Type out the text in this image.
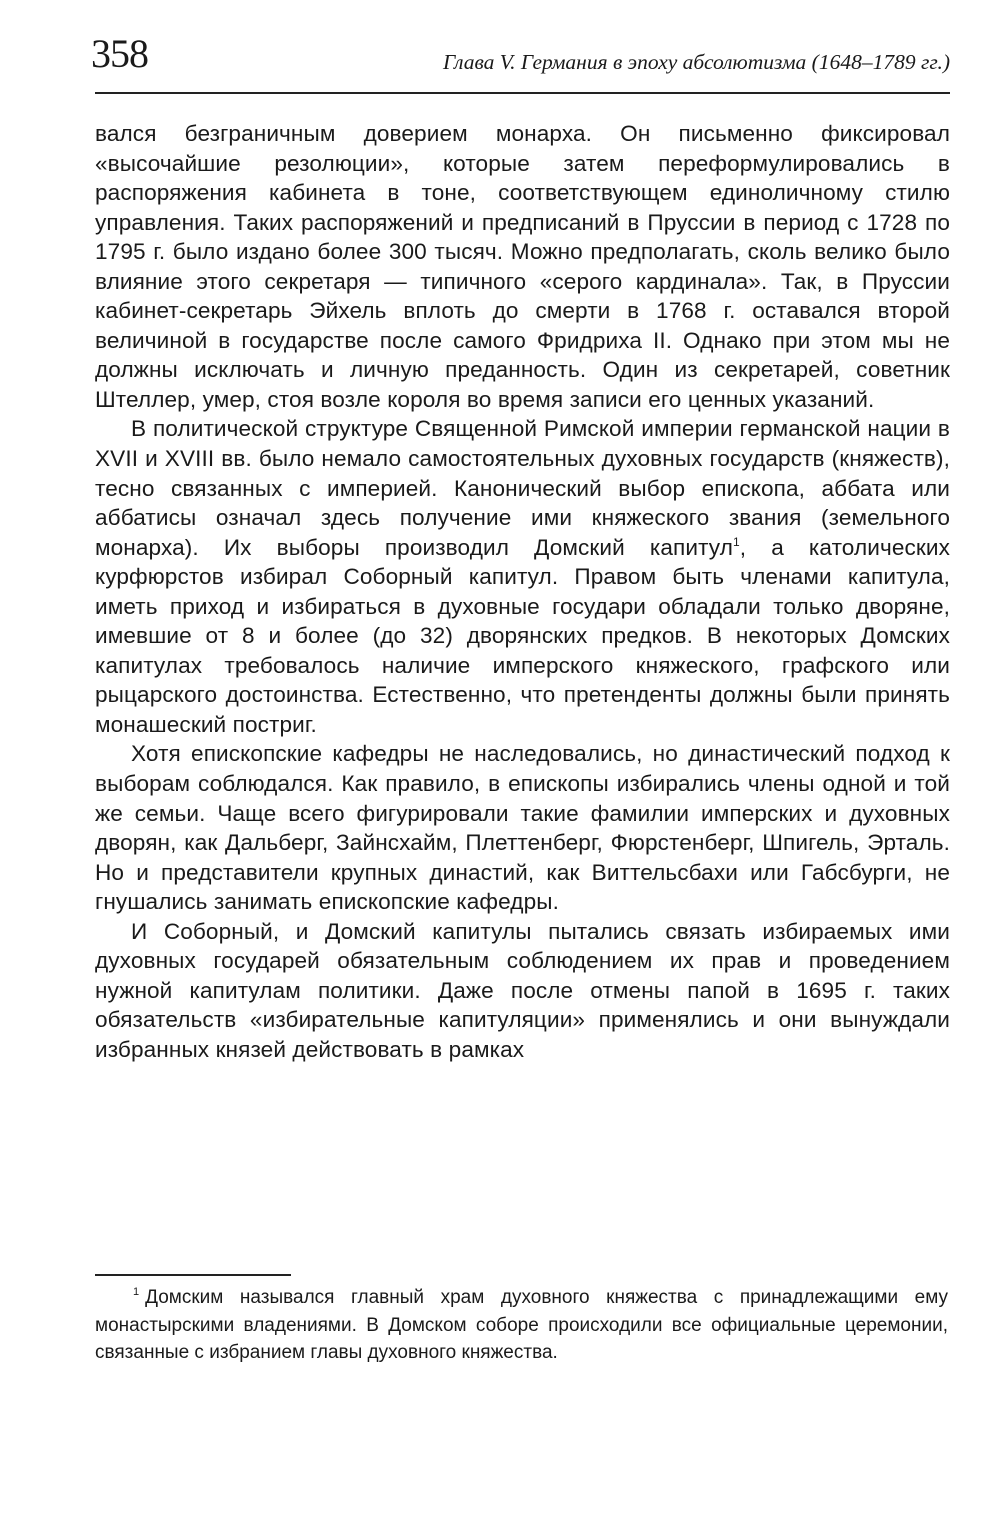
358	Глава V. Германия в эпоху абсолютизма (1648–1789 гг.)

вался безграничным доверием монарха. Он письменно фиксировал «высочайшие резолюции», которые затем переформулировались в распоряжения кабинета в тоне, соответствующем единоличному стилю управления. Таких распоряжений и предписаний в Пруссии в период с 1728 по 1795 г. было издано более 300 тысяч. Можно предполагать, сколь велико было влияние этого секретаря — типичного «серого кардинала». Так, в Пруссии кабинет-секретарь Эйхель вплоть до смерти в 1768 г. оставался второй величиной в государстве после самого Фридриха II. Однако при этом мы не должны исключать и личную преданность. Один из секретарей, советник Штеллер, умер, стоя возле короля во время записи его ценных указаний.

В политической структуре Священной Римской империи германской нации в XVII и XVIII вв. было немало самостоятельных духовных государств (княжеств), тесно связанных с империей. Канонический выбор епископа, аббата или аббатисы означал здесь получение ими княжеского звания (земельного монарха). Их выборы производил Домский капитул$^1$, а католических курфюрстов избирал Соборный капитул. Правом быть членами капитула, иметь приход и избираться в духовные государи обладали только дворяне, имевшие от 8 и более (до 32) дворянских предков. В некоторых Домских капитулах требовалось наличие имперского княжеского, графского или рыцарского достоинства. Естественно, что претенденты должны были принять монашеский постриг.

Хотя епископские кафедры не наследовались, но династический подход к выборам соблюдался. Как правило, в епископы избирались члены одной и той же семьи. Чаще всего фигурировали такие фамилии имперских и духовных дворян, как Дальберг, Зайнсхайм, Плеттенберг, Фюрстенберг, Шпигель, Эрталь. Но и представители крупных династий, как Виттельсбахи или Габсбурги, не гнушались занимать епископские кафедры.

И Соборный, и Домский капитулы пытались связать избираемых ими духовных государей обязательным соблюдением их прав и проведением нужной капитулам политики. Даже после отмены папой в 1695 г. таких обязательств «избирательные капитуляции» применялись и они вынуждали избранных князей действовать в рамках

$^1$ Домским назывался главный храм духовного княжества с принадлежащими ему монастырскими владениями. В Домском соборе происходили все официальные церемонии, связанные с избранием главы духовного княжества.
